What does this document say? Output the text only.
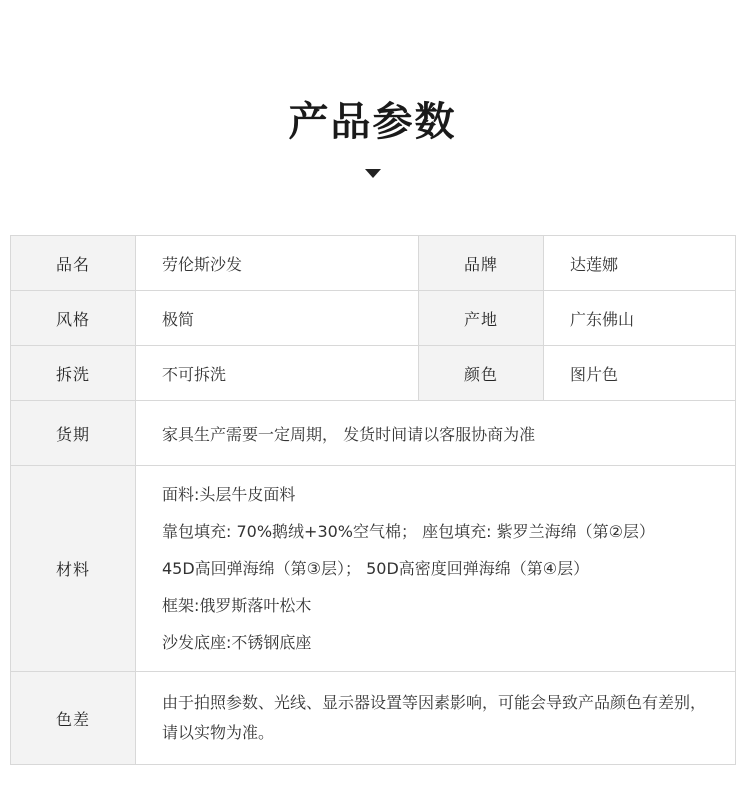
产品参数
品名	劳伦斯沙发	品牌	达莲娜
风格	极简	产地	广东佛山
拆洗	不可拆洗	颜色	图片色
货期	家具生产需要一定周期， 发货时间请以客服协商为准		
材料	面料:头层牛皮面料
靠包填充: 70%鹅绒+30%空气棉； 座包填充: 紫罗兰海绵（第②层）
45D高回弹海绵（第③层）； 50D高密度回弹海绵（第④层）
框架:俄罗斯落叶松木
沙发底座:不锈钢底座		

色差	由于拍照参数、光线、显示器设置等因素影响，可能会导致产品颜色有差别，请以实物为准。		
